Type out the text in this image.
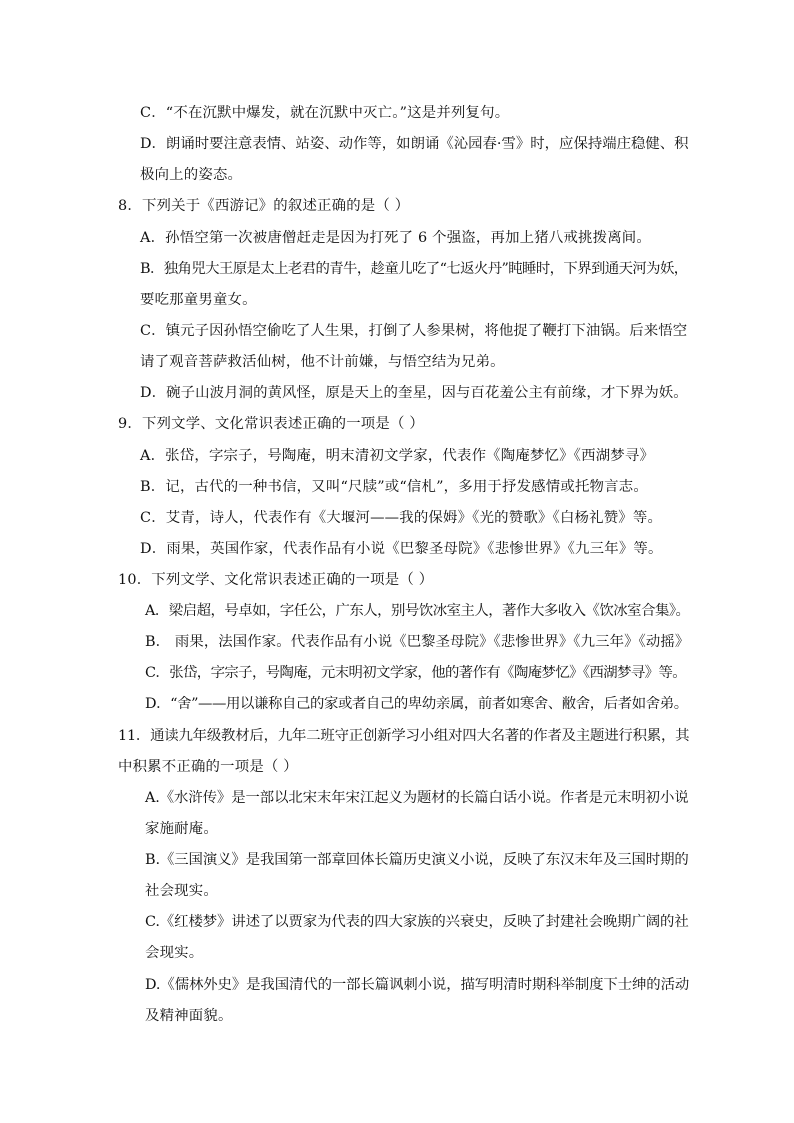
C．“不在沉默中爆发，就在沉默中灭亡。”这是并列复句。
D．朗诵时要注意表情、站姿、动作等，如朗诵《沁园春·雪》时，应保持端庄稳健、积
极向上的姿态。
8．下列关于《西游记》的叙述正确的是（ ）
A．孙悟空第一次被唐僧赶走是因为打死了 6 个强盗，再加上猪八戒挑拨离间。
B．独角兕大王原是太上老君的青牛，趁童儿吃了“七返火丹”盹睡时，下界到通天河为妖，
要吃那童男童女。
C．镇元子因孙悟空偷吃了人生果，打倒了人参果树，将他捉了鞭打下油锅。后来悟空
请了观音菩萨救活仙树，他不计前嫌，与悟空结为兄弟。
D．碗子山波月洞的黄风怪，原是天上的奎星，因与百花羞公主有前缘，才下界为妖。
9．下列文学、文化常识表述正确的一项是（ ）
A．张岱，字宗子，号陶庵，明末清初文学家，代表作《陶庵梦忆》《西湖梦寻》
B．记，古代的一种书信，又叫“尺牍”或“信札”，多用于抒发感情或托物言志。
C．艾青，诗人，代表作有《大堰河——我的保姆》《光的赞歌》《白杨礼赞》等。
D．雨果，英国作家，代表作品有小说《巴黎圣母院》《悲惨世界》《九三年》等。
10．下列文学、文化常识表述正确的一项是（ ）
A．梁启超，号卓如，字任公，广东人，别号饮冰室主人，著作大多收入《饮冰室合集》。
B． 雨果，法国作家。代表作品有小说《巴黎圣母院》《悲惨世界》《九三年》《动摇》
C．张岱，字宗子，号陶庵，元末明初文学家，他的著作有《陶庵梦忆》《西湖梦寻》等。
D．“舍”——用以谦称自己的家或者自己的卑幼亲属，前者如寒舍、敝舍，后者如舍弟。
11．通读九年级教材后，九年二班守正创新学习小组对四大名著的作者及主题进行积累，其
中积累不正确的一项是（ ）
A.《水浒传》是一部以北宋末年宋江起义为题材的长篇白话小说。作者是元末明初小说
家施耐庵。
B.《三国演义》是我国第一部章回体长篇历史演义小说，反映了东汉末年及三国时期的
社会现实。
C.《红楼梦》讲述了以贾家为代表的四大家族的兴衰史，反映了封建社会晚期广阔的社
会现实。
D.《儒林外史》是我国清代的一部长篇讽刺小说，描写明清时期科举制度下士绅的活动
及精神面貌。
